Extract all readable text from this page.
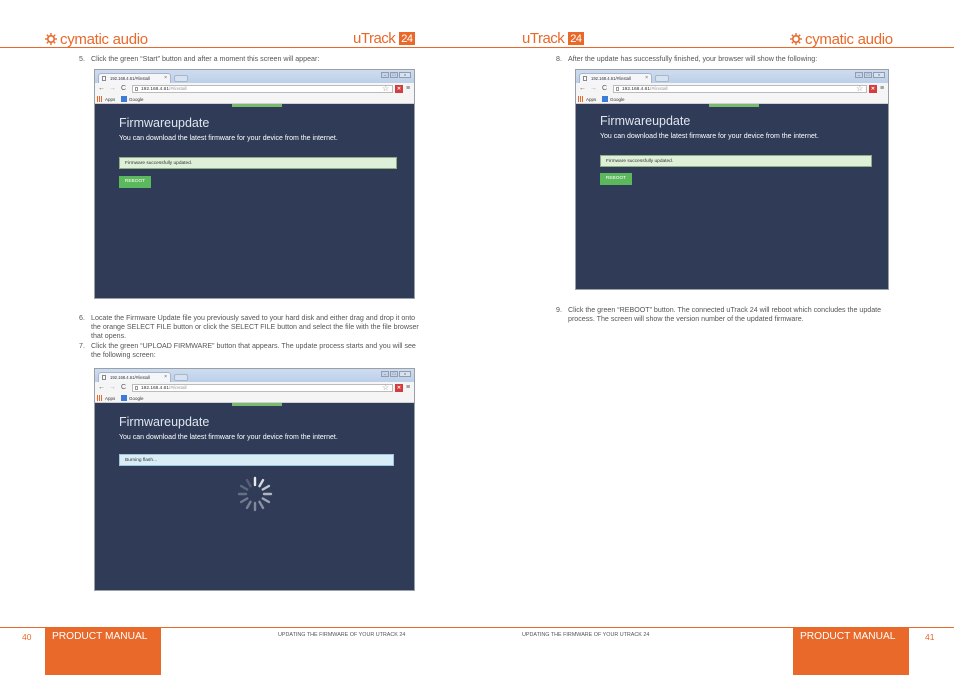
cymatic audio	uTrack 24
5. Click the green “Start” button and after a moment this screen will appear:
192.168.4.61/#/install	×
–	□	×
← → C	192.168.4.61/#/install	☆	✕ ≡
Apps	Google
Firmwareupdate
You can download the latest firmware for your device from the internet.
Firmware successfully updated.
REBOOT
6. Locate the Firmware Update file you previously saved to your hard disk and either drag and drop it onto the orange SELECT FILE button or click the SELECT FILE button and select the file with the file browser that opens.
7. Click the green “UPLOAD FIRMWARE” button that appears. The update process starts and you will see the following screen:
192.168.4.61/#/install	×
–	□	×
← → C	192.168.4.61/#/install	☆	✕ ≡
Apps	Google
Firmwareupdate
You can download the latest firmware for your device from the internet.
Burning flash...
40	PRODUCT MANUAL	UPDATING THE FIRMWARE OF YOUR UTRACK 24
uTrack 24	cymatic audio
8. After the update has successfully finished, your browser will show the following:
192.168.4.61/#/install	×
–	□	×
← → C	192.168.4.61/#/install	☆	✕ ≡
Apps	Google
Firmwareupdate
You can download the latest firmware for your device from the internet.
Firmware successfully updated.
REBOOT
9. Click the green “REBOOT” button. The connected uTrack 24 will reboot which concludes the update process. The screen will show the version number of the updated firmware.
UPDATING THE FIRMWARE OF YOUR UTRACK 24	PRODUCT MANUAL	41
